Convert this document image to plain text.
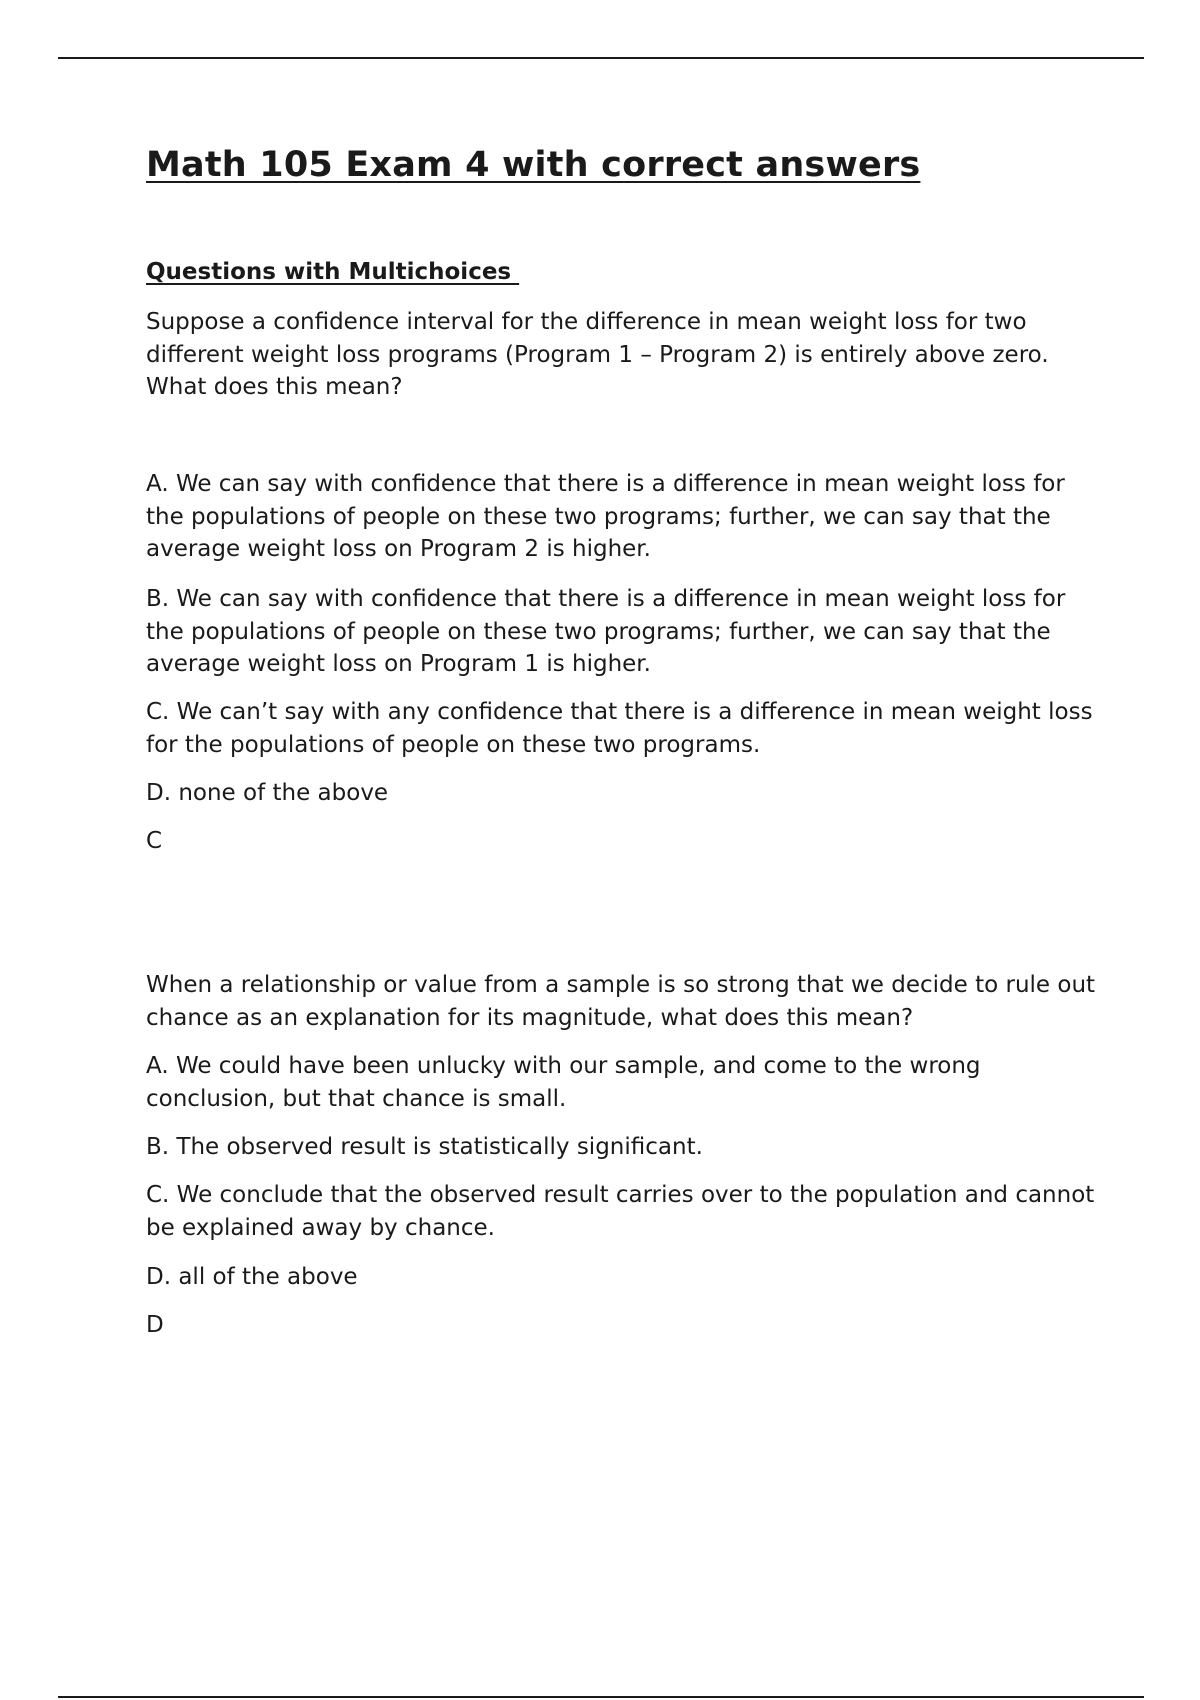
Math 105 Exam 4 with correct answers
Questions with Multichoices

Suppose a confidence interval for the difference in mean weight loss for two different weight loss programs (Program 1 – Program 2) is entirely above zero. What does this mean?

A. We can say with confidence that there is a difference in mean weight loss for the populations of people on these two programs; further, we can say that the average weight loss on Program 2 is higher.

B. We can say with confidence that there is a difference in mean weight loss for the populations of people on these two programs; further, we can say that the average weight loss on Program 1 is higher.

C. We can’t say with any confidence that there is a difference in mean weight loss for the populations of people on these two programs.

D. none of the above

C

When a relationship or value from a sample is so strong that we decide to rule out chance as an explanation for its magnitude, what does this mean?

A. We could have been unlucky with our sample, and come to the wrong conclusion, but that chance is small.

B. The observed result is statistically significant.

C. We conclude that the observed result carries over to the population and cannot be explained away by chance.

D. all of the above

D
